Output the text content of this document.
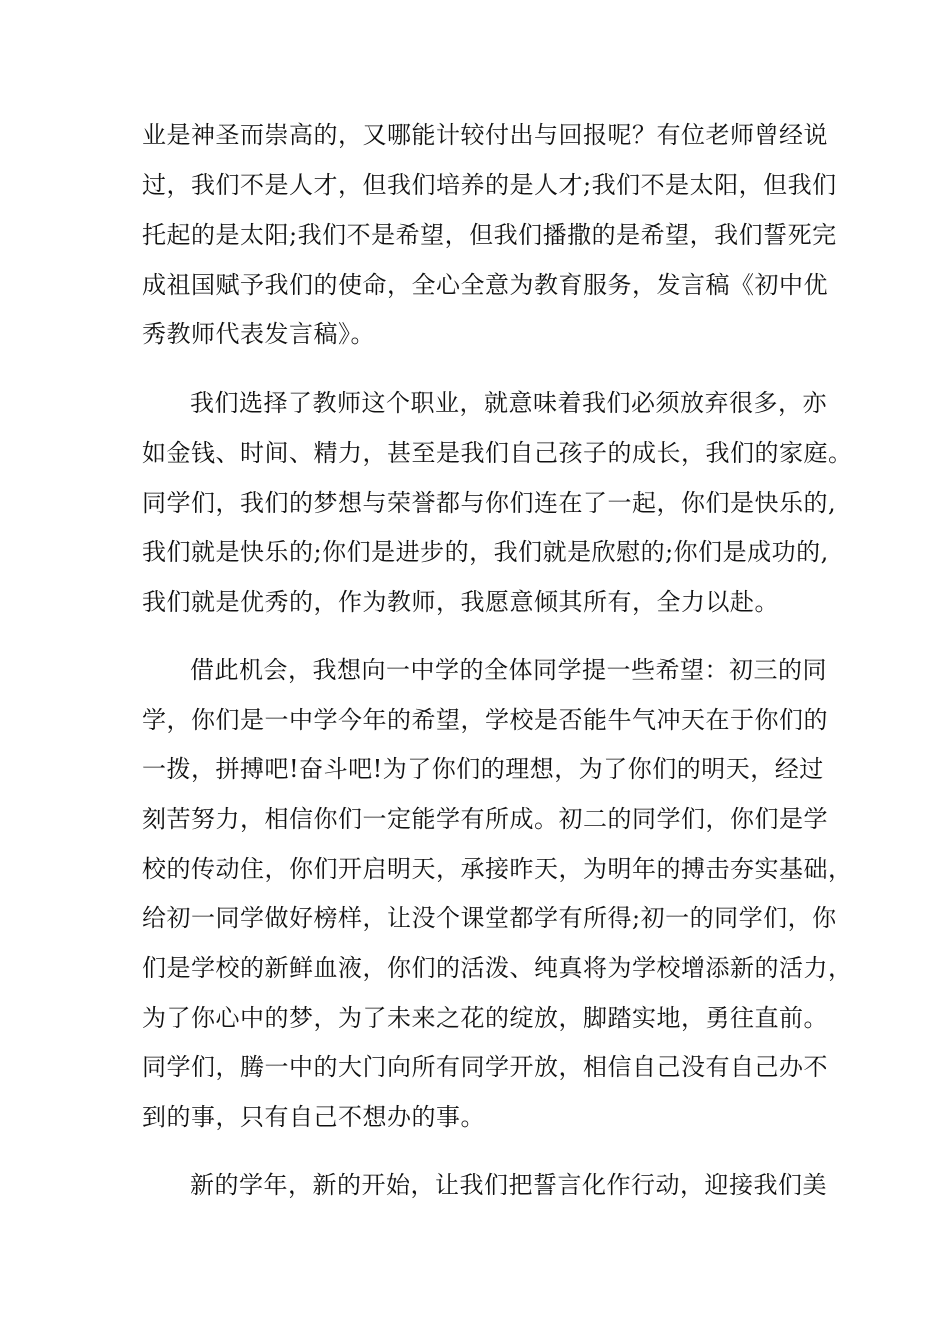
业是神圣而崇高的，又哪能计较付出与回报呢？有位老师曾经说
过，我们不是人才，但我们培养的是人才;我们不是太阳，但我们
托起的是太阳;我们不是希望，但我们播撒的是希望，我们誓死完
成祖国赋予我们的使命，全心全意为教育服务，发言稿《初中优
秀教师代表发言稿》。
我们选择了教师这个职业，就意味着我们必须放弃很多，亦
如金钱、时间、精力，甚至是我们自己孩子的成长，我们的家庭。
同学们，我们的梦想与荣誉都与你们连在了一起，你们是快乐的,
我们就是快乐的;你们是进步的，我们就是欣慰的;你们是成功的,
我们就是优秀的，作为教师，我愿意倾其所有，全力以赴。
借此机会，我想向一中学的全体同学提一些希望：初三的同
学，你们是一中学今年的希望，学校是否能牛气冲天在于你们的
一拨，拼搏吧!奋斗吧!为了你们的理想，为了你们的明天，经过
刻苦努力，相信你们一定能学有所成。初二的同学们，你们是学
校的传动住，你们开启明天，承接昨天，为明年的搏击夯实基础，
给初一同学做好榜样，让没个课堂都学有所得;初一的同学们，你
们是学校的新鲜血液，你们的活泼、纯真将为学校增添新的活力，
为了你心中的梦，为了未来之花的绽放，脚踏实地，勇往直前。
同学们，腾一中的大门向所有同学开放，相信自己没有自己办不
到的事，只有自己不想办的事。
新的学年，新的开始，让我们把誓言化作行动，迎接我们美
